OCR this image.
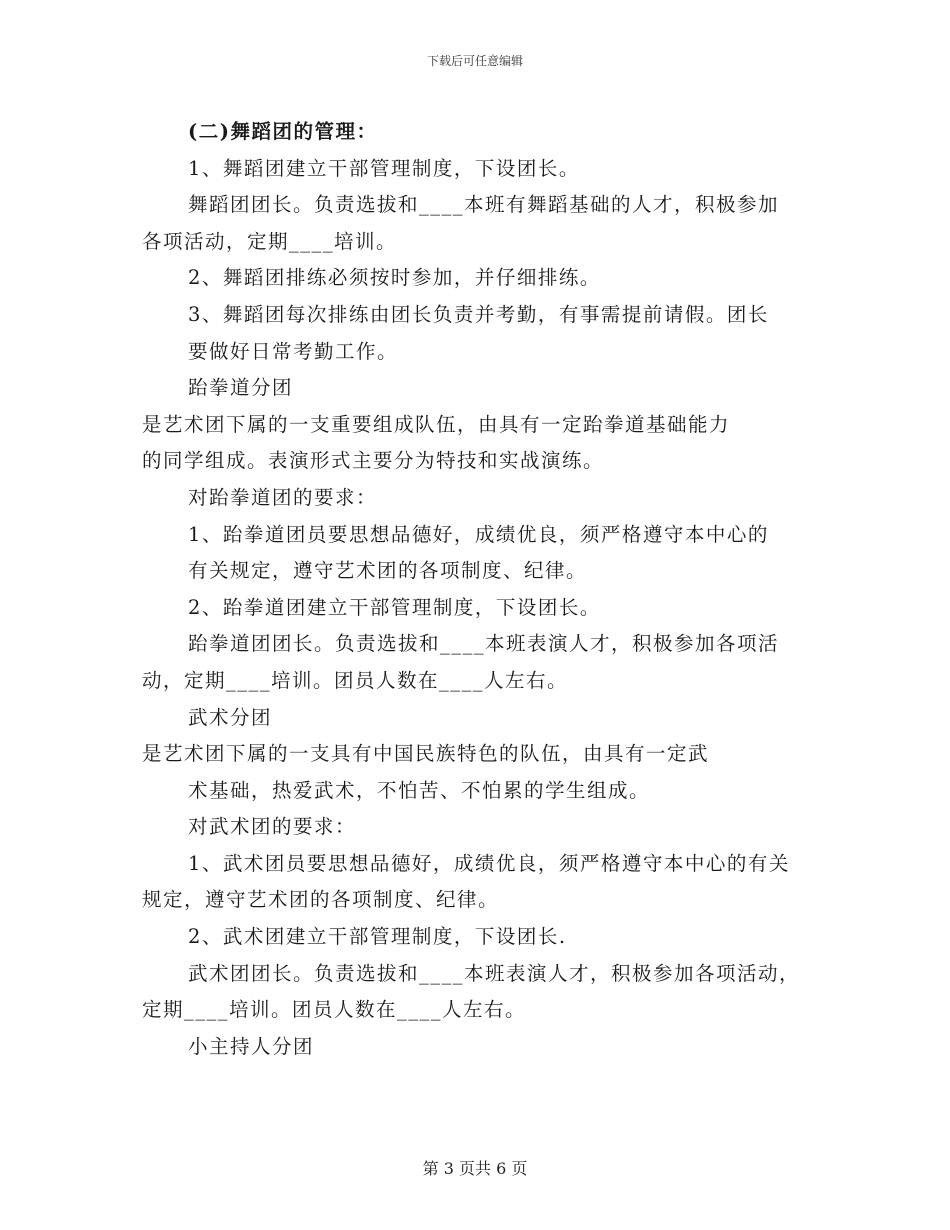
下载后可任意编辑
(二)舞蹈团的管理：
1、舞蹈团建立干部管理制度，下设团长。
舞蹈团团长。负责选拔和____本班有舞蹈基础的人才，积极参加
各项活动，定期____培训。
2、舞蹈团排练必须按时参加，并仔细排练。
3、舞蹈团每次排练由团长负责并考勤，有事需提前请假。团长
要做好日常考勤工作。
跆拳道分团
是艺术团下属的一支重要组成队伍，由具有一定跆拳道基础能力
的同学组成。表演形式主要分为特技和实战演练。
对跆拳道团的要求：
1、跆拳道团员要思想品德好，成绩优良，须严格遵守本中心的
有关规定，遵守艺术团的各项制度、纪律。
2、跆拳道团建立干部管理制度，下设团长。
跆拳道团团长。负责选拔和____本班表演人才，积极参加各项活
动，定期____培训。团员人数在____人左右。
武术分团
是艺术团下属的一支具有中国民族特色的队伍，由具有一定武
术基础，热爱武术，不怕苦、不怕累的学生组成。
对武术团的要求：
1、武术团员要思想品德好，成绩优良，须严格遵守本中心的有关
规定，遵守艺术团的各项制度、纪律。
2、武术团建立干部管理制度，下设团长.
武术团团长。负责选拔和____本班表演人才，积极参加各项活动，
定期____培训。团员人数在____人左右。
小主持人分团
第 3 页共 6 页
